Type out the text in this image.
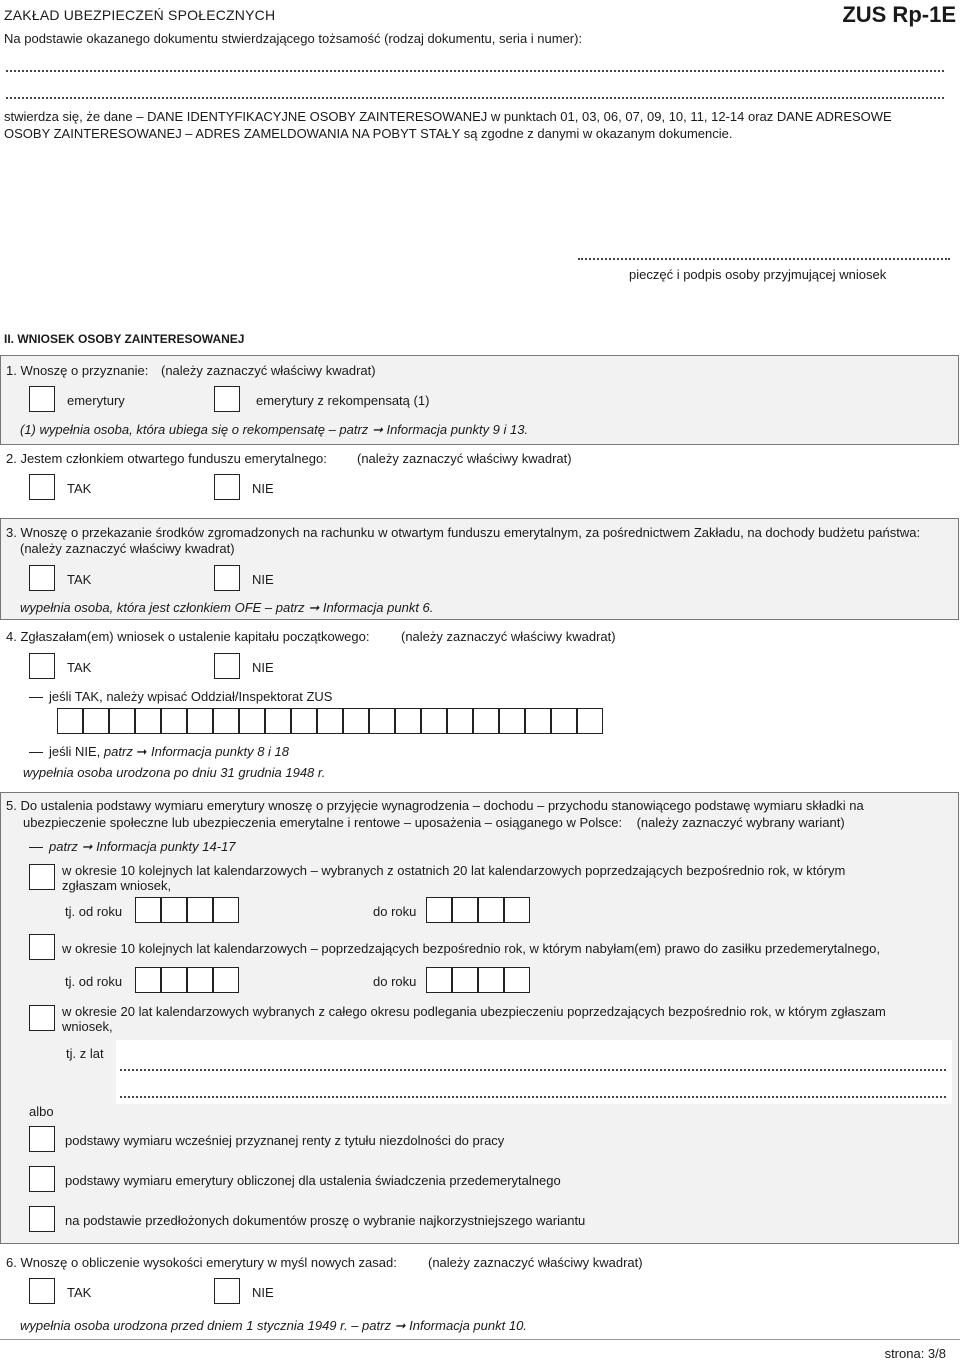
ZAKŁAD UBEZPIECZEŃ SPOŁECZNYCH	ZUS Rp-1E
Na podstawie okazanego dokumentu stwierdzającego tożsamość (rodzaj dokumentu, seria i numer):
stwierdza się, że dane – DANE IDENTYFIKACYJNE OSOBY ZAINTERESOWANEJ w punktach 01, 03, 06, 07, 09, 10, 11, 12-14 oraz DANE ADRESOWE
OSOBY ZAINTERESOWANEJ – ADRES ZAMELDOWANIA NA POBYT STAŁY są zgodne z danymi w okazanym dokumencie.
pieczęć i podpis osoby przyjmującej wniosek
II. WNIOSEK OSOBY ZAINTERESOWANEJ
1. Wnoszę o przyznanie: (należy zaznaczyć właściwy kwadrat)
emerytury	emerytury z rekompensatą (1)
(1) wypełnia osoba, która ubiega się o rekompensatę – patrz ➞ Informacja punkty 9 i 13.
2. Jestem członkiem otwartego funduszu emerytalnego: (należy zaznaczyć właściwy kwadrat)
TAK	NIE
3. Wnoszę o przekazanie środków zgromadzonych na rachunku w otwartym funduszu emerytalnym, za pośrednictwem Zakładu, na dochody budżetu państwa:
(należy zaznaczyć właściwy kwadrat)
TAK	NIE
wypełnia osoba, która jest członkiem OFE – patrz ➞ Informacja punkt 6.
4. Zgłaszałam(em) wniosek o ustalenie kapitału początkowego: (należy zaznaczyć właściwy kwadrat)
TAK	NIE
jeśli TAK, należy wpisać Oddział/Inspektorat ZUS
jeśli NIE, patrz ➞ Informacja punkty 8 i 18
wypełnia osoba urodzona po dniu 31 grudnia 1948 r.
5. Do ustalenia podstawy wymiaru emerytury wnoszę o przyjęcie wynagrodzenia – dochodu – przychodu stanowiącego podstawę wymiaru składki na
ubezpieczenie społeczne lub ubezpieczenia emerytalne i rentowe – uposażenia – osiąganego w Polsce: (należy zaznaczyć wybrany wariant)
patrz ➞ Informacja punkty 14-17
w okresie 10 kolejnych lat kalendarzowych – wybranych z ostatnich 20 lat kalendarzowych poprzedzających bezpośrednio rok, w którym zgłaszam wniosek,
tj. od roku	do roku
w okresie 10 kolejnych lat kalendarzowych – poprzedzających bezpośrednio rok, w którym nabyłam(em) prawo do zasiłku przedemerytalnego,
tj. od roku	do roku
w okresie 20 lat kalendarzowych wybranych z całego okresu podlegania ubezpieczeniu poprzedzających bezpośrednio rok, w którym zgłaszam wniosek,
tj. z lat
albo
podstawy wymiaru wcześniej przyznanej renty z tytułu niezdolności do pracy
podstawy wymiaru emerytury obliczonej dla ustalenia świadczenia przedemerytalnego
na podstawie przedłożonych dokumentów proszę o wybranie najkorzystniejszego wariantu
6. Wnoszę o obliczenie wysokości emerytury w myśl nowych zasad: (należy zaznaczyć właściwy kwadrat)
TAK	NIE
wypełnia osoba urodzona przed dniem 1 stycznia 1949 r. – patrz ➞ Informacja punkt 10.
strona: 3/8
